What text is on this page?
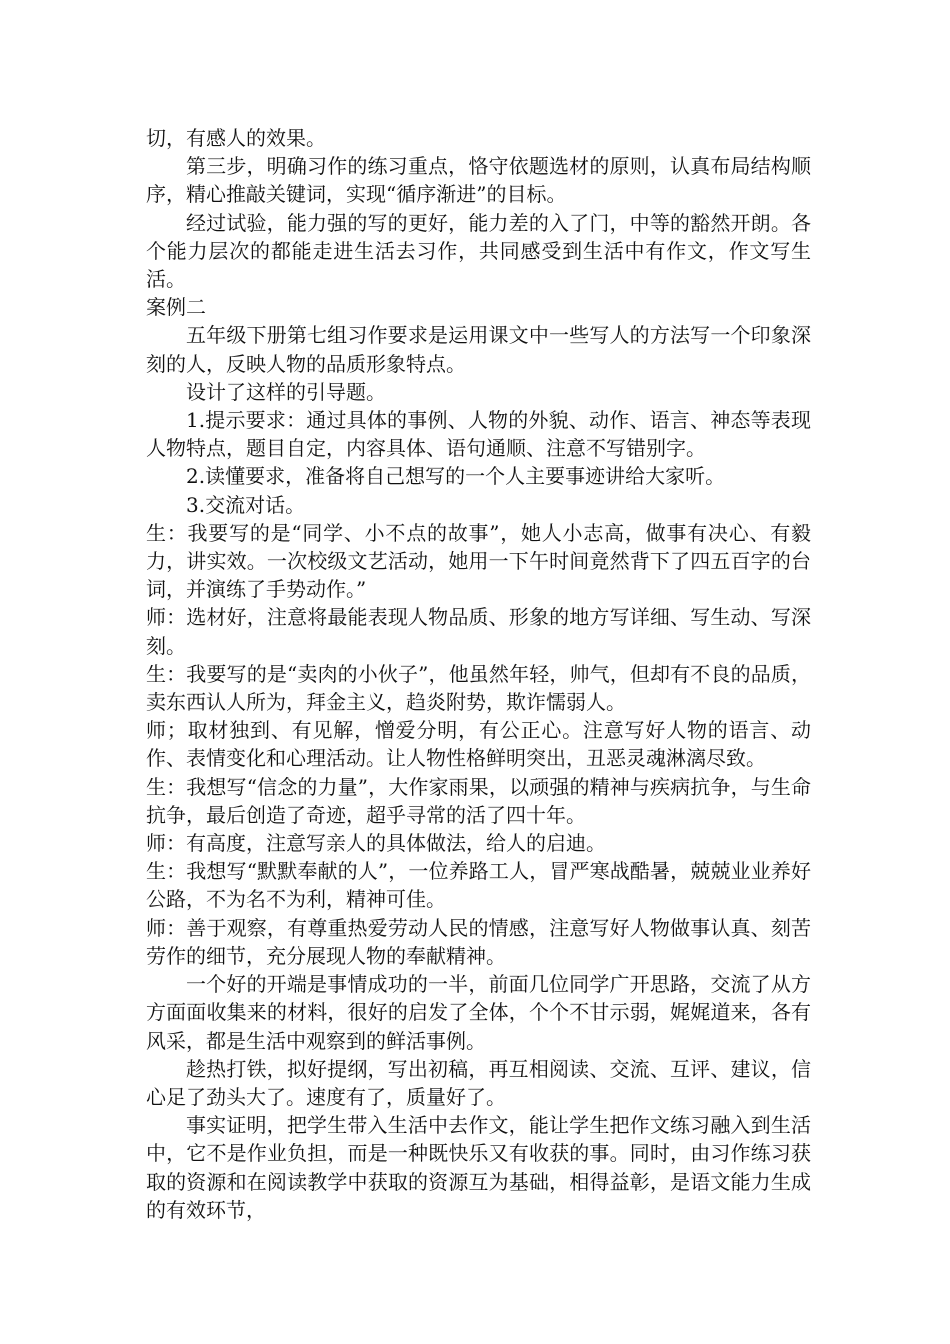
切，有感人的效果。

第三步，明确习作的练习重点，恪守依题选材的原则，认真布局结构顺序，精心推敲关键词，实现“循序渐进”的目标。

经过试验，能力强的写的更好，能力差的入了门，中等的豁然开朗。各个能力层次的都能走进生活去习作，共同感受到生活中有作文，作文写生活。

案例二

五年级下册第七组习作要求是运用课文中一些写人的方法写一个印象深刻的人，反映人物的品质形象特点。

设计了这样的引导题。

1.提示要求：通过具体的事例、人物的外貌、动作、语言、神态等表现人物特点，题目自定，内容具体、语句通顺、注意不写错别字。

2.读懂要求，准备将自己想写的一个人主要事迹讲给大家听。

3.交流对话。

生：我要写的是“同学、小不点的故事”，她人小志高，做事有决心、有毅力，讲实效。一次校级文艺活动，她用一下午时间竟然背下了四五百字的台词，并演练了手势动作。”

师：选材好，注意将最能表现人物品质、形象的地方写详细、写生动、写深刻。

生：我要写的是“卖肉的小伙子”，他虽然年轻，帅气，但却有不良的品质，卖东西认人所为，拜金主义，趋炎附势，欺诈懦弱人。

师；取材独到、有见解，憎爱分明，有公正心。注意写好人物的语言、动作、表情变化和心理活动。让人物性格鲜明突出，丑恶灵魂淋漓尽致。

生：我想写“信念的力量”，大作家雨果，以顽强的精神与疾病抗争，与生命抗争，最后创造了奇迹，超乎寻常的活了四十年。

师：有高度，注意写亲人的具体做法，给人的启迪。

生：我想写“默默奉献的人”，一位养路工人，冒严寒战酷暑，兢兢业业养好公路，不为名不为利，精神可佳。

师：善于观察，有尊重热爱劳动人民的情感，注意写好人物做事认真、刻苦劳作的细节，充分展现人物的奉献精神。

一个好的开端是事情成功的一半，前面几位同学广开思路，交流了从方方面面收集来的材料，很好的启发了全体，个个不甘示弱，娓娓道来，各有风采，都是生活中观察到的鲜活事例。

趁热打铁，拟好提纲，写出初稿，再互相阅读、交流、互评、建议，信心足了劲头大了。速度有了，质量好了。

事实证明，把学生带入生活中去作文，能让学生把作文练习融入到生活中，它不是作业负担，而是一种既快乐又有收获的事。同时，由习作练习获取的资源和在阅读教学中获取的资源互为基础，相得益彰，是语文能力生成的有效环节，
